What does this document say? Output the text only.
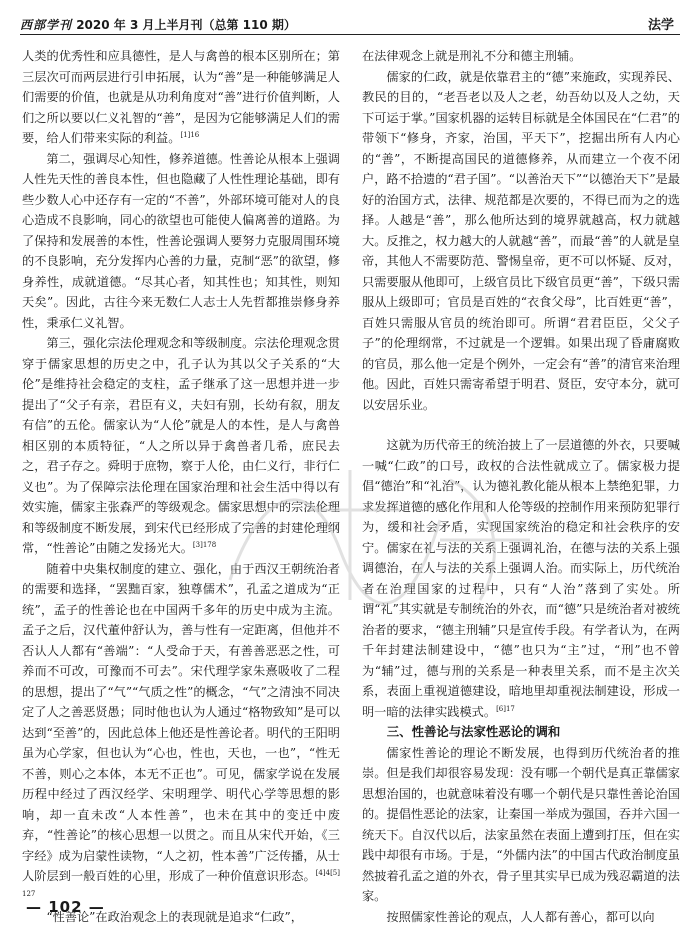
西部学刊 2020 年 3 月上半月刊（总第 110 期）	法学

人类的优秀性和应具德性，是人与禽兽的根本区别所在；第三层次可而两层进行引申拓展，认为“善”是一种能够满足人们需要的价值，也就是从功利角度对“善”进行价值判断，人们之所以要以仁义礼智的“善”，是因为它能够满足人们的需要，给人们带来实际的利益。$^{[1]16}$

第二，强调尽心知性，修养道德。性善论从根本上强调人性先天性的善良本性，但也隐藏了人性性理论基础，即有些少数人心中还存有一定的“不善”，外部环境可能对人的良心造成不良影响，同心的欲望也可能使人偏离善的道路。为了保持和发展善的本性，性善论强调人要努力克服周围环境的不良影响，充分发挥内心善的力量，克制“恶”的欲望，修身养性，成就道德。“尽其心者，知其性也；知其性，则知天矣”。因此，古往今来无数仁人志士人先哲都推崇修身养性，秉承仁义礼智。

第三，强化宗法伦理观念和等级制度。宗法伦理观念贯穿于儒家思想的历史之中，孔子认为其以父子关系的“大伦”是维持社会稳定的支柱，孟子继承了这一思想并进一步提出了“父子有亲，君臣有义，夫妇有别，长幼有叙，朋友有信”的五伦。儒家认为“人伦”就是人的本性，是人与禽兽相区别的本质特征，“人之所以异于禽兽者几希，庶民去之，君子存之。舜明于庶物，察于人伦，由仁义行，非行仁义也”。为了保障宗法伦理在国家治理和社会生活中得以有效实施，儒家主张森严的等级观念。儒家思想中的宗法伦理和等级制度不断发展，到宋代已经形成了完善的封建伦理纲常，“性善论”由随之发扬光大。$^{[3]178}$

随着中央集权制度的建立、强化，由于西汉王朝统治者的需要和选择，“罢黜百家，独尊儒术”，孔孟之道成为“正统”，孟子的性善论也在中国两千多年的历史中成为主流。孟子之后，汉代董仲舒认为，善与性有一定距离，但他并不否认人人都有“善端”：“人受命于天，有善善恶恶之性，可养而不可改，可豫而不可去”。宋代理学家朱熹吸收了二程的思想，提出了“气”“气质之性”的概念，“气”之清浊不同决定了人之善恶贤愚；同时他也认为人通过“格物致知”是可以达到“至善”的，因此总体上他还是性善论者。明代的王阳明虽为心学家，但也认为“心也，性也，天也，一也”，“性无不善，则心之本体，本无不正也”。可见，儒家学说在发展历程中经过了西汉经学、宋明理学、明代心学等思想的影响，却一直未改“人本性善”，也未在其中的变迁中废弃，“性善论”的核心思想一以贯之。而且从宋代开始，《三字经》成为启蒙性读物，“人之初，性本善”广泛传播，从士人阶层到一般百姓的心里，形成了一种价值意识形态。$^{[4]4[5]127}$

“性善论”在政治观念上的表现就是追求“仁政”，

在法律观念上就是刑礼不分和德主刑辅。

儒家的仁政，就是依靠君主的“德”来施政，实现养民、教民的目的，“老吾老以及人之老，幼吾幼以及人之幼，天下可运于掌。”国家机器的运转目标就是全体国民在“仁君”的带领下“修身，齐家，治国，平天下”，挖掘出所有人内心的“善”，不断提高国民的道德修养，从而建立一个夜不闭户，路不拾遗的“君子国”。“以善治天下”“以德治天下”是最好的治国方式，法律、规范都是次要的，不得已而为之的选择。人越是“善”，那么他所达到的境界就越高，权力就越大。反推之，权力越大的人就越“善”，而最“善”的人就是皇帝，其他人不需要防范、警惕皇帝，更不可以怀疑、反对，只需要服从他即可，上级官员比下级官员更“善”，下级只需服从上级即可；官员是百姓的“衣食父母”，比百姓更“善”，百姓只需服从官员的统治即可。所谓“君君臣臣，父父子子”的伦理纲常，不过就是一个逻辑。如果出现了昏庸腐败的官员，那么他一定是个例外，一定会有“善”的清官来治理他。因此，百姓只需寄希望于明君、贤臣，安守本分，就可以安居乐业。

这就为历代帝王的统治披上了一层道德的外衣，只要喊一喊“仁政”的口号，政权的合法性就成立了。儒家极力提倡“德治”和“礼治”，认为德礼教化能从根本上禁绝犯罪，力求发挥道德的感化作用和人伦等级的控制作用来预防犯罪行为，缓和社会矛盾，实现国家统治的稳定和社会秩序的安宁。儒家在礼与法的关系上强调礼治，在德与法的关系上强调德治，在人与法的关系上强调人治。而实际上，历代统治者在治理国家的过程中，只有“人治”落到了实处。所谓“礼”其实就是专制统治的外衣，而“德”只是统治者对被统治者的要求，“德主刑辅”只是宣传手段。有学者认为，在两千年封建法制建设中，“德”也只为“主”过，“刑”也不曾为“辅”过，德与刑的关系是一种表里关系，而不是主次关系，表面上重视道德建设，暗地里却重视法制建设，形成一明一暗的法律实践模式。$^{[6]17}$

三、性善论与法家性恶论的调和

儒家性善论的理论不断发展，也得到历代统治者的推崇。但是我们却很容易发现：没有哪一个朝代是真正靠儒家思想治国的，也就意味着没有哪一个朝代是只靠性善论治国的。提倡性恶论的法家，让秦国一举成为强国，吞并六国一统天下。自汉代以后，法家虽然在表面上遭到打压，但在实践中却很有市场。于是，“外儒内法”的中国古代政治制度虽然披着孔孟之道的外衣，骨子里其实早已成为残忍霸道的法家。

按照儒家性善论的观点，人人都有善心，都可以向

— 102 —
